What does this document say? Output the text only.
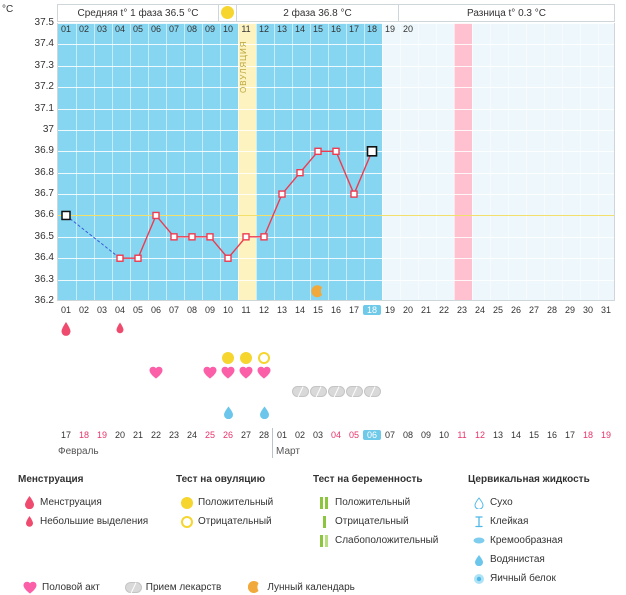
°C	Средняя t° 1 фаза 36.5 °C	2 фаза 36.8 °C	Разница t° 0.3 °C
ОВУЛЯЦИЯ
01 02 03 04 05 06 07 08 09 10 11 12 13 14 15 16 17 18 19 20
37.5
37.4
37.3
37.2
37.1
37
36.9
36.8
36.7
36.6
36.5
36.4
36.3
36.2
01 02 03 04 05 06 07 08 09 10 11 12 13 14 15 16 17 18 19 20 21 22 23 24 25 26 27 28 29 30 31
17 18 19 20 21 22 23 24 25 26 27 28 01 02 03 04 05 06 07 08 09 10 11 12 13 14 15 16 17 18 19
Февраль	Март
Менструация
Менструация
Небольшие выделения
Тест на овуляцию
Положительный
Отрицательный
Тест на беременность
Положительный
Отрицательный
Слабоположительный
Цервикальная жидкость
Сухо
Клейкая
Кремообразная
Водянистая
Яичный белок
Половой акт	Прием лекарств	Лунный календарь
